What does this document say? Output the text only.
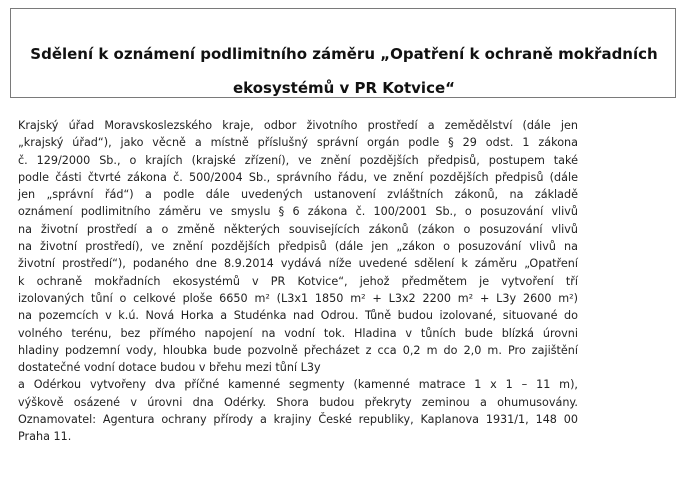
Sdělení k oznámení podlimitního záměru „Opatření k ochraně mokřadních
ekosystémů v PR Kotvice“
Krajský úřad Moravskoslezského kraje, odbor životního prostředí a zemědělství (dále jen
„krajský úřad“), jako věcně a místně příslušný správní orgán podle § 29 odst. 1 zákona
č. 129/2000 Sb., o krajích (krajské zřízení), ve znění pozdějších předpisů, postupem také
podle části čtvrté zákona č. 500/2004 Sb., správního řádu, ve znění pozdějších předpisů (dále
jen „správní řád“) a podle dále uvedených ustanovení zvláštních zákonů, na základě
oznámení podlimitního záměru ve smyslu § 6 zákona č. 100/2001 Sb., o posuzování vlivů
na životní prostředí a o změně některých souvisejících zákonů (zákon o posuzování vlivů
na životní prostředí), ve znění pozdějších předpisů (dále jen „zákon o posuzování vlivů na
životní prostředí“), podaného dne 8.9.2014 vydává níže uvedené sdělení k záměru „Opatření
k ochraně mokřadních ekosystémů v PR Kotvice“, jehož předmětem je vytvoření tří
izolovaných tůní o celkové ploše 6650 m² (L3x1 1850 m² + L3x2 2200 m² + L3y 2600 m²)
na pozemcích v k.ú. Nová Horka a Studénka nad Odrou. Tůně budou izolované, situované do
volného terénu, bez přímého napojení na vodní tok. Hladina v tůních bude blízká úrovni
hladiny podzemní vody, hloubka bude pozvolně přecházet z cca 0,2 m do 2,0 m. Pro zajištění
dostatečné vodní dotace budou v břehu mezi tůní L3y
a Odérkou vytvořeny dva příčné kamenné segmenty (kamenné matrace 1 x 1 – 11 m),
výškově osázené v úrovni dna Odérky. Shora budou překryty zeminou a ohumusovány.
Oznamovatel: Agentura ochrany přírody a krajiny České republiky, Kaplanova 1931/1, 148 00
Praha 11.
